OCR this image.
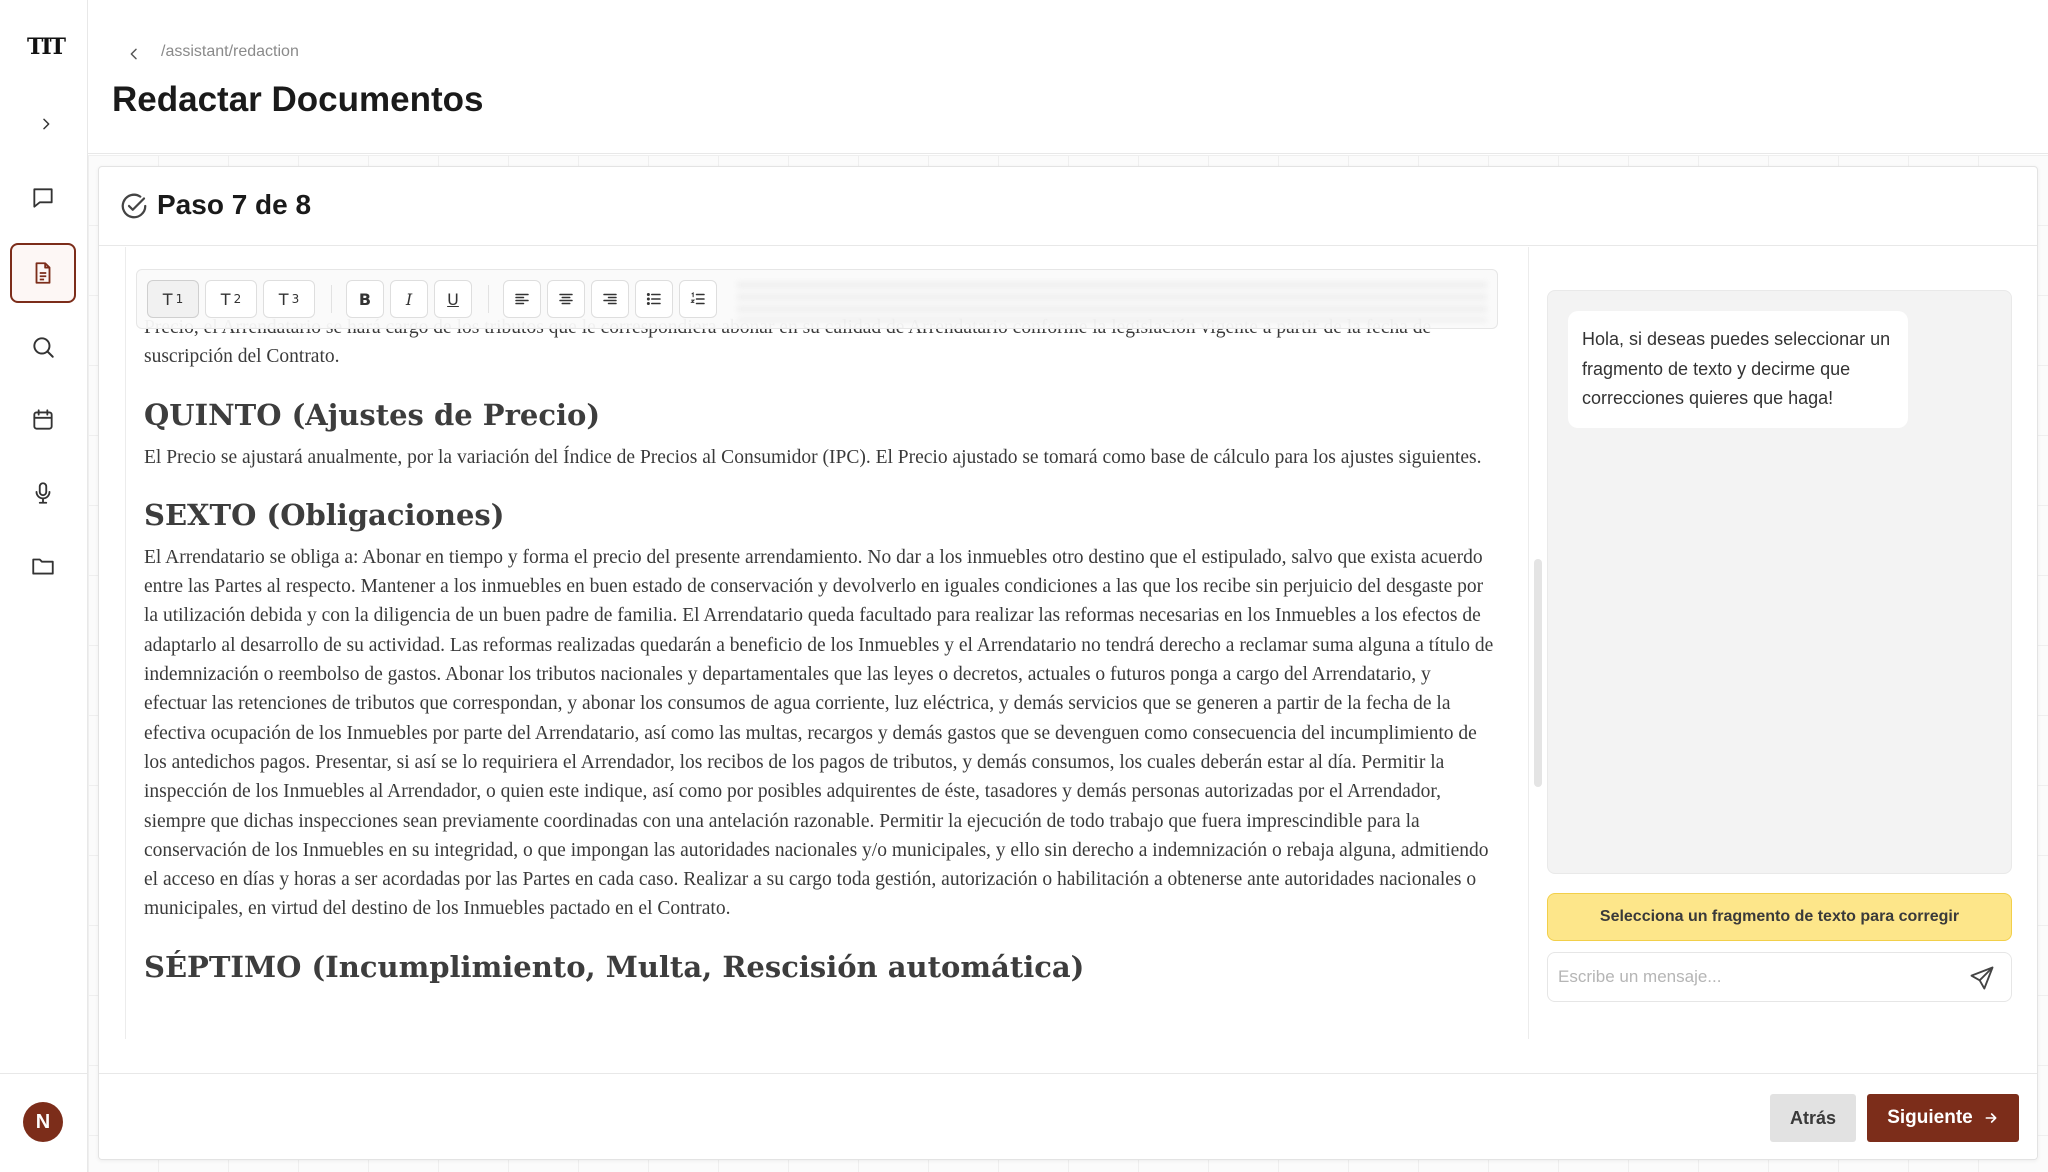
TIT
N
/assistant/redaction
Redactar Documentos
Paso 7 de 8
T 1 T 2 T 3	B	I	U

suscripción del Contrato.

QUINTO (Ajustes de Precio)

El Precio se ajustará anualmente, por la variación del Índice de Precios al Consumidor (IPC). El Precio ajustado se tomará como base de cálculo para los ajustes siguientes.

SEXTO (Obligaciones)

El Arrendatario se obliga a: Abonar en tiempo y forma el precio del presente arrendamiento. No dar a los inmuebles otro destino que el estipulado, salvo que exista acuerdo entre las Partes al respecto. Mantener a los inmuebles en buen estado de conservación y devolverlo en iguales condiciones a las que los recibe sin perjuicio del desgaste por la utilización debida y con la diligencia de un buen padre de familia. El Arrendatario queda facultado para realizar las reformas necesarias en los Inmuebles a los efectos de adaptarlo al desarrollo de su actividad. Las reformas realizadas quedarán a beneficio de los Inmuebles y el Arrendatario no tendrá derecho a reclamar suma alguna a título de indemnización o reembolso de gastos. Abonar los tributos nacionales y departamentales que las leyes o decretos, actuales o futuros ponga a cargo del Arrendatario, y efectuar las retenciones de tributos que correspondan, y abonar los consumos de agua corriente, luz eléctrica, y demás servicios que se generen a partir de la fecha de la efectiva ocupación de los Inmuebles por parte del Arrendatario, así como las multas, recargos y demás gastos que se devenguen como consecuencia del incumplimiento de los antedichos pagos. Presentar, si así se lo requiriera el Arrendador, los recibos de los pagos de tributos, y demás consumos, los cuales deberán estar al día. Permitir la inspección de los Inmuebles al Arrendador, o quien este indique, así como por posibles adquirentes de éste, tasadores y demás personas autorizadas por el Arrendador, siempre que dichas inspecciones sean previamente coordinadas con una antelación razonable. Permitir la ejecución de todo trabajo que fuera imprescindible para la conservación de los Inmuebles en su integridad, o que impongan las autoridades nacionales y/o municipales, y ello sin derecho a indemnización o rebaja alguna, admitiendo el acceso en días y horas a ser acordadas por las Partes en cada caso. Realizar a su cargo toda gestión, autorización o habilitación a obtenerse ante autoridades nacionales o municipales, en virtud del destino de los Inmuebles pactado en el Contrato.

SÉPTIMO (Incumplimiento, Multa, Rescisión automática)
Hola, si deseas puedes seleccionar un fragmento de texto y decirme que correcciones quieres que haga!
Selecciona un fragmento de texto para corregir
Escribe un mensaje...
Atrás	Siguiente
